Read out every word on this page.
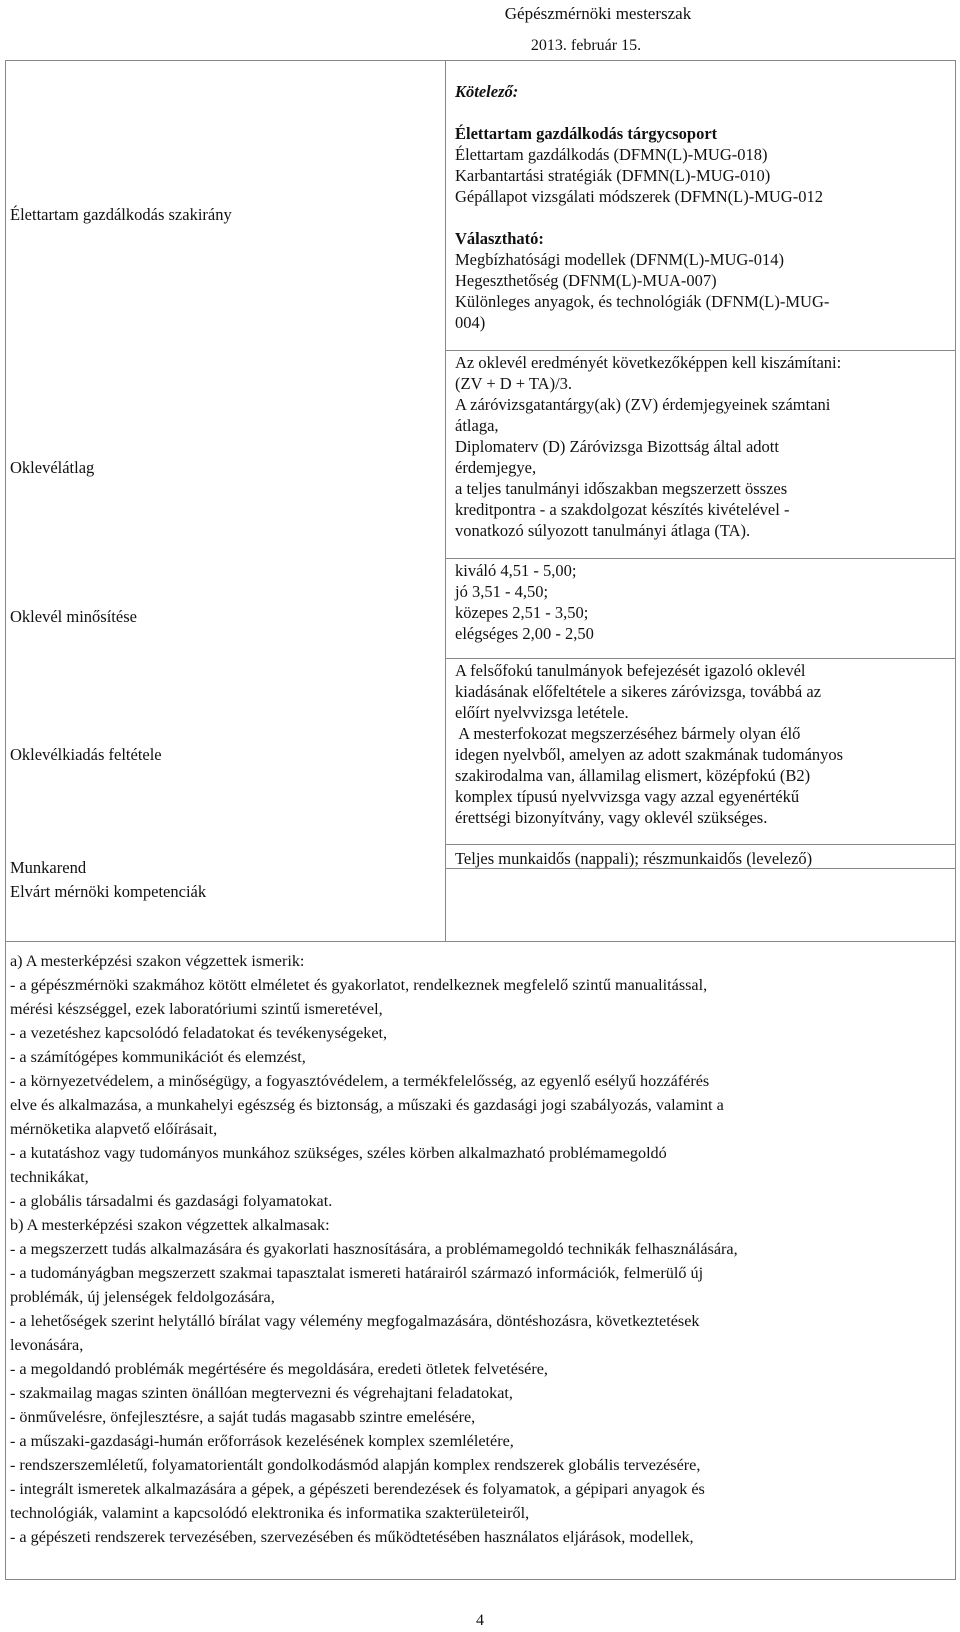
Gépészmérnöki mesterszak
2013. február 15.
Élettartam gazdálkodás szakirány
Oklevélátlag
Oklevél minősítése
Oklevélkiadás feltétele
Munkarend
Elvárt mérnöki kompetenciák
Kötelező:
Élettartam gazdálkodás tárgycsoport
Élettartam gazdálkodás (DFMN(L)-MUG-018)
Karbantartási stratégiák (DFMN(L)-MUG-010)
Gépállapot vizsgálati módszerek (DFMN(L)-MUG-012
Választható:
Megbízhatósági modellek (DFNM(L)-MUG-014)
Hegeszthetőség (DFNM(L)-MUA-007)
Különleges anyagok, és technológiák (DFNM(L)-MUG-
004)
Az oklevél eredményét következőképpen kell kiszámítani:
(ZV + D + TA)/3.
A záróvizsgatantárgy(ak) (ZV) érdemjegyeinek számtani
átlaga,
Diplomaterv (D) Záróvizsga Bizottság által adott
érdemjegye,
a teljes tanulmányi időszakban megszerzett összes
kreditpontra - a szakdolgozat készítés kivételével -
vonatkozó súlyozott tanulmányi átlaga (TA).
kiváló 4,51 - 5,00;
jó 3,51 - 4,50;
közepes 2,51 - 3,50;
elégséges 2,00 - 2,50
A felsőfokú tanulmányok befejezését igazoló oklevél
kiadásának előfeltétele a sikeres záróvizsga, továbbá az
előírt nyelvvizsga letétele.
A mesterfokozat megszerzéséhez bármely olyan élő
idegen nyelvből, amelyen az adott szakmának tudományos
szakirodalma van, államilag elismert, középfokú (B2)
komplex típusú nyelvvizsga vagy azzal egyenértékű
érettségi bizonyítvány, vagy oklevél szükséges.
Teljes munkaidős (nappali); részmunkaidős (levelező)
a) A mesterképzési szakon végzettek ismerik:
- a gépészmérnöki szakmához kötött elméletet és gyakorlatot, rendelkeznek megfelelő szintű manualitással,
mérési készséggel, ezek laboratóriumi szintű ismeretével,
- a vezetéshez kapcsolódó feladatokat és tevékenységeket,
- a számítógépes kommunikációt és elemzést,
- a környezetvédelem, a minőségügy, a fogyasztóvédelem, a termékfelelősség, az egyenlő esélyű hozzáférés
elve és alkalmazása, a munkahelyi egészség és biztonság, a műszaki és gazdasági jogi szabályozás, valamint a
mérnöketika alapvető előírásait,
- a kutatáshoz vagy tudományos munkához szükséges, széles körben alkalmazható problémamegoldó
technikákat,
- a globális társadalmi és gazdasági folyamatokat.
b) A mesterképzési szakon végzettek alkalmasak:
- a megszerzett tudás alkalmazására és gyakorlati hasznosítására, a problémamegoldó technikák felhasználására,
- a tudományágban megszerzett szakmai tapasztalat ismereti határairól származó információk, felmerülő új
problémák, új jelenségek feldolgozására,
- a lehetőségek szerint helytálló bírálat vagy vélemény megfogalmazására, döntéshozásra, következtetések
levonására,
- a megoldandó problémák megértésére és megoldására, eredeti ötletek felvetésére,
- szakmailag magas szinten önállóan megtervezni és végrehajtani feladatokat,
- önművelésre, önfejlesztésre, a saját tudás magasabb szintre emelésére,
- a műszaki-gazdasági-humán erőforrások kezelésének komplex szemléletére,
- rendszerszemléletű, folyamatorientált gondolkodásmód alapján komplex rendszerek globális tervezésére,
- integrált ismeretek alkalmazására a gépek, a gépészeti berendezések és folyamatok, a gépipari anyagok és
technológiák, valamint a kapcsolódó elektronika és informatika szakterületeiről,
- a gépészeti rendszerek tervezésében, szervezésében és működtetésében használatos eljárások, modellek,
4
